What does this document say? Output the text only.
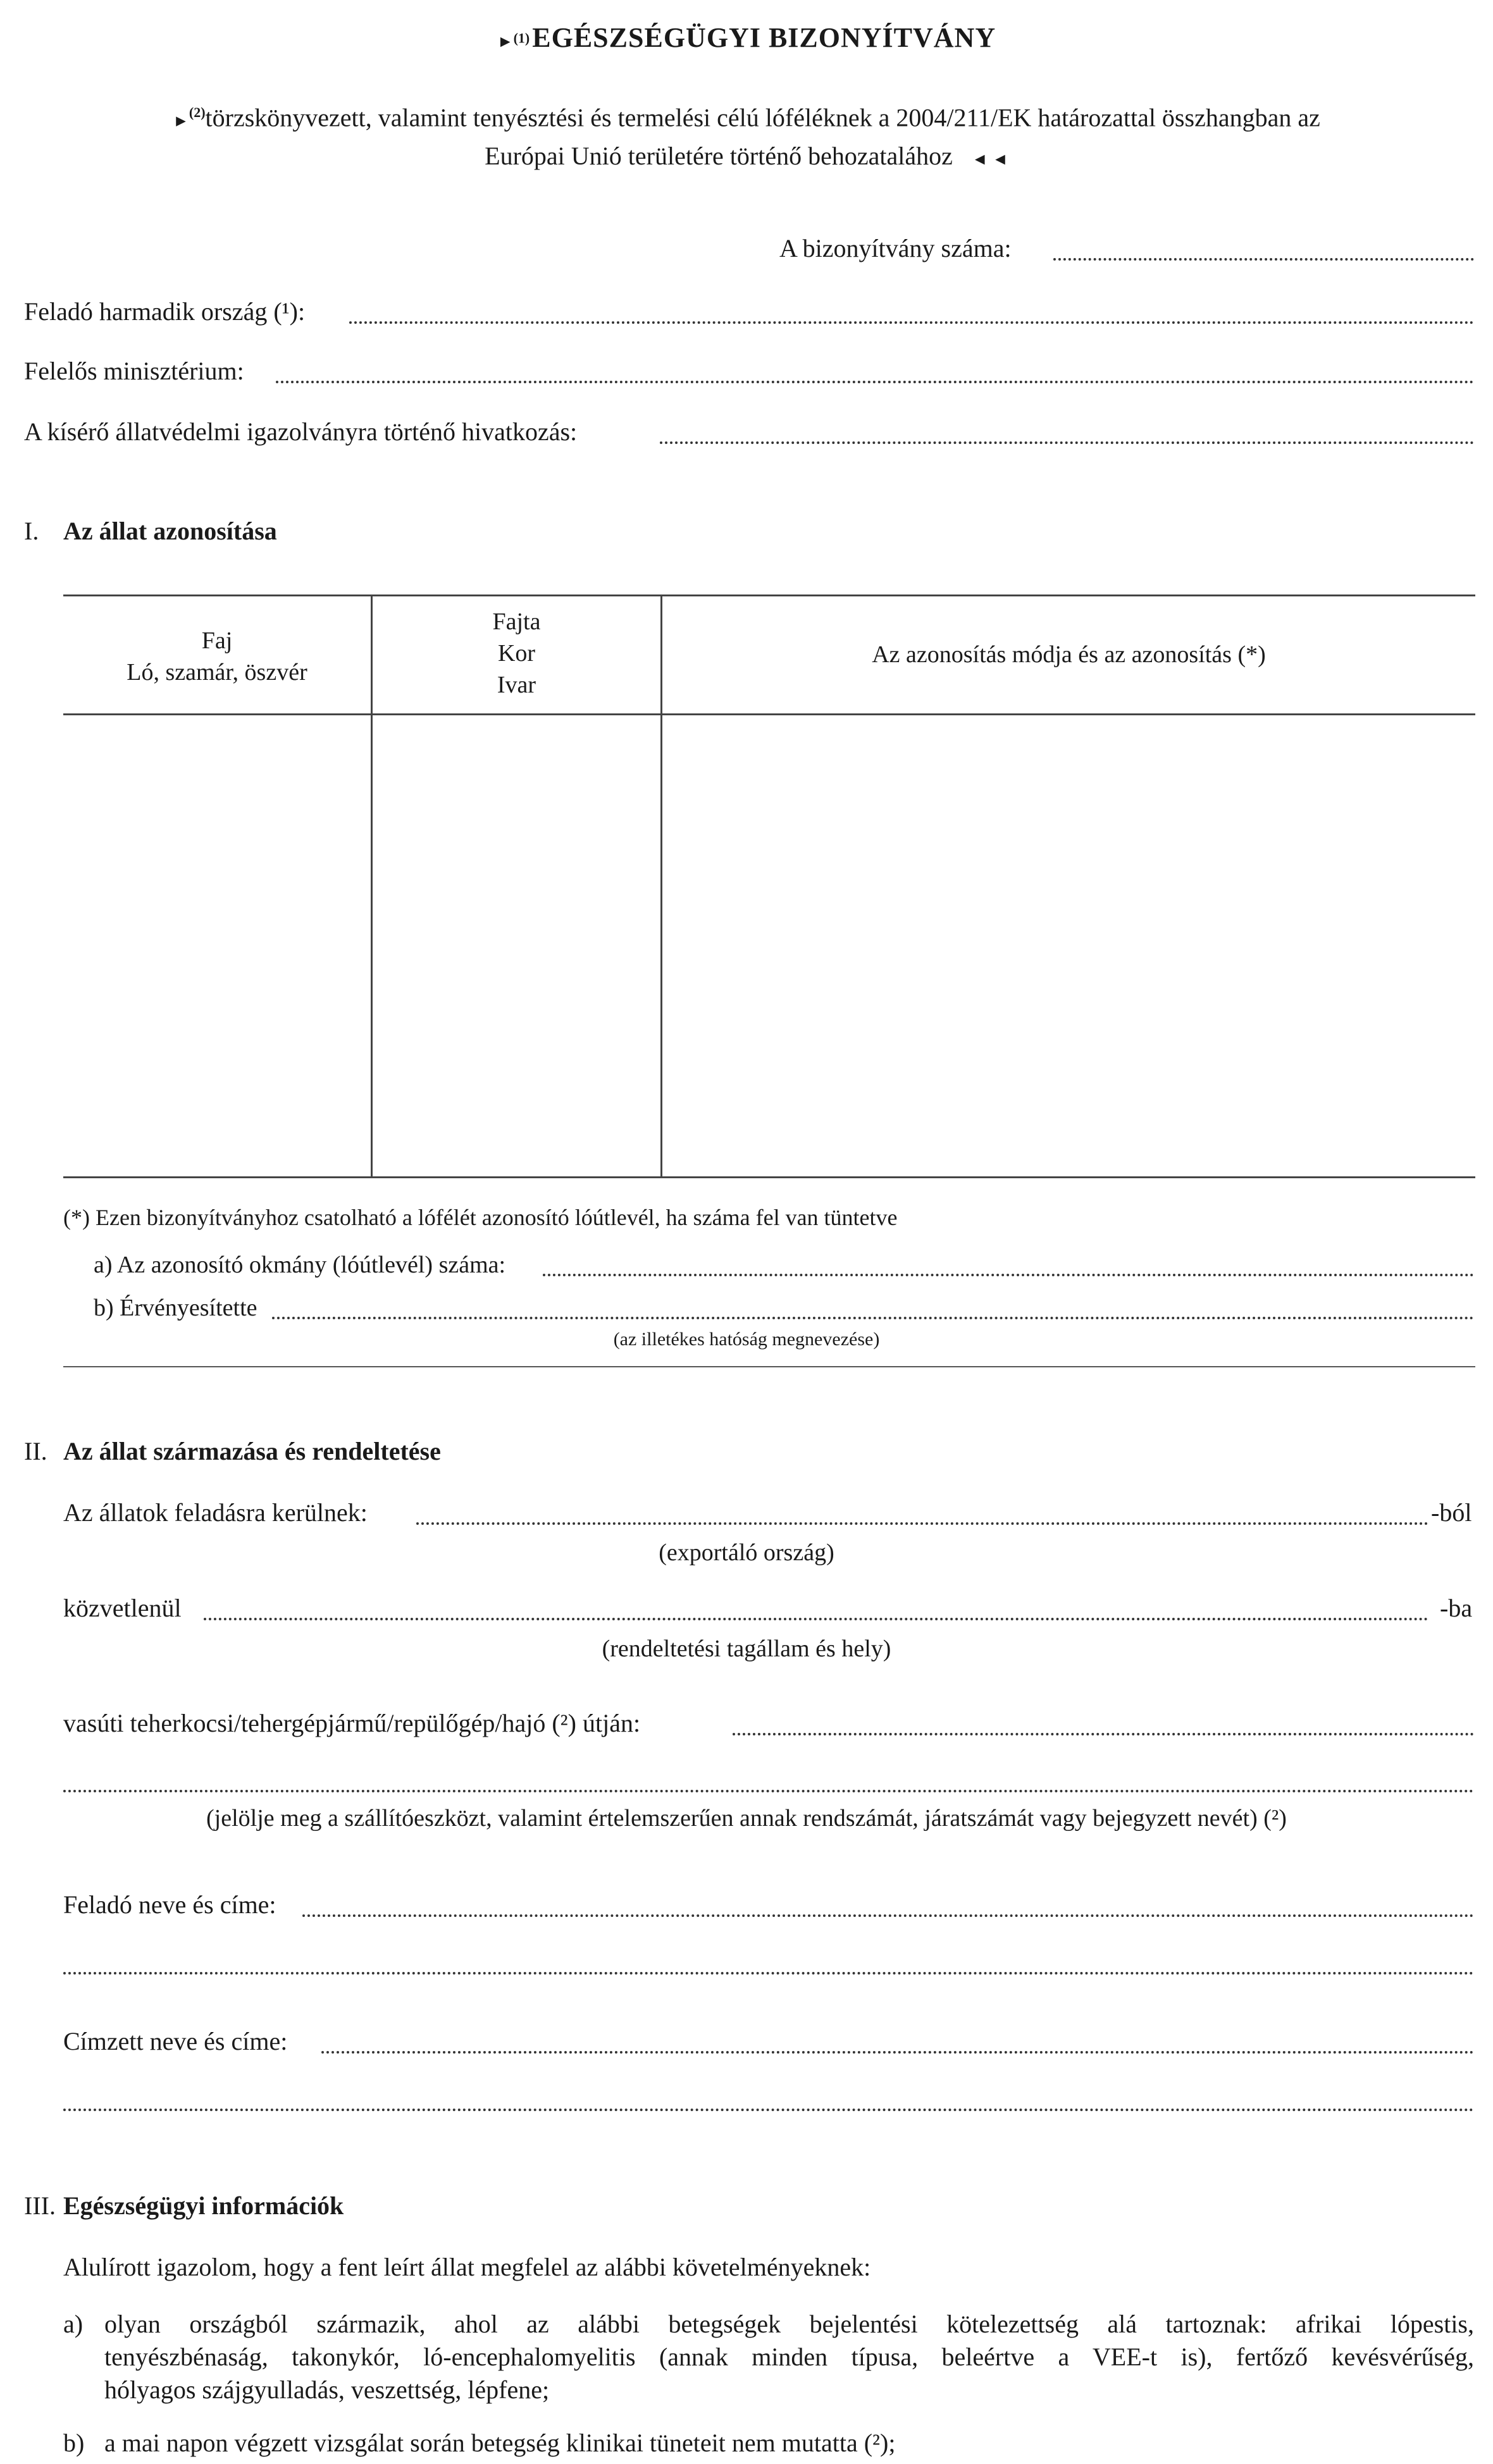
►(1) EGÉSZSÉGÜGYI BIZONYÍTVÁNY
►$^{(2)}$törzskönyvezett, valamint tenyésztési és termelési célú lóféléknek a 2004/211/EK határozattal összhangban az
Európai Unió területére történő behozatalához ◄ ◄
A bizonyítvány száma:
Feladó harmadik ország (¹):
Felelős minisztérium:
A kísérő állatvédelmi igazolványra történő hivatkozás:
I. Az állat azonosítása
Faj
Ló, szamár, öszvér
Fajta
Kor
Ivar
Az azonosítás módja és az azonosítás (*)
(*) Ezen bizonyítványhoz csatolható a lófélét azonosító lóútlevél, ha száma fel van tüntetve
a) Az azonosító okmány (lóútlevél) száma:
b) Érvényesítette
(az illetékes hatóság megnevezése)
II. Az állat származása és rendeltetése
Az állatok feladásra kerülnek:	-ból
(exportáló ország)
közvetlenül	-ba
(rendeltetési tagállam és hely)
vasúti teherkocsi/tehergépjármű/repülőgép/hajó (²) útján:
(jelölje meg a szállítóeszközt, valamint értelemszerűen annak rendszámát, járatszámát vagy bejegyzett nevét) (²)
Feladó neve és címe:
Címzett neve és címe:
III. Egészségügyi információk
Alulírott igazolom, hogy a fent leírt állat megfelel az alábbi követelményeknek:
a) olyan országból származik, ahol az alábbi betegségek bejelentési kötelezettség alá tartoznak: afrikai lópestis,
tenyészbénaság, takonykór, ló-encephalomyelitis (annak minden típusa, beleértve a VEE-t is), fertőző kevésvérűség,
hólyagos szájgyulladás, veszettség, lépfene;
b) a mai napon végzett vizsgálat során betegség klinikai tüneteit nem mutatta (²);
